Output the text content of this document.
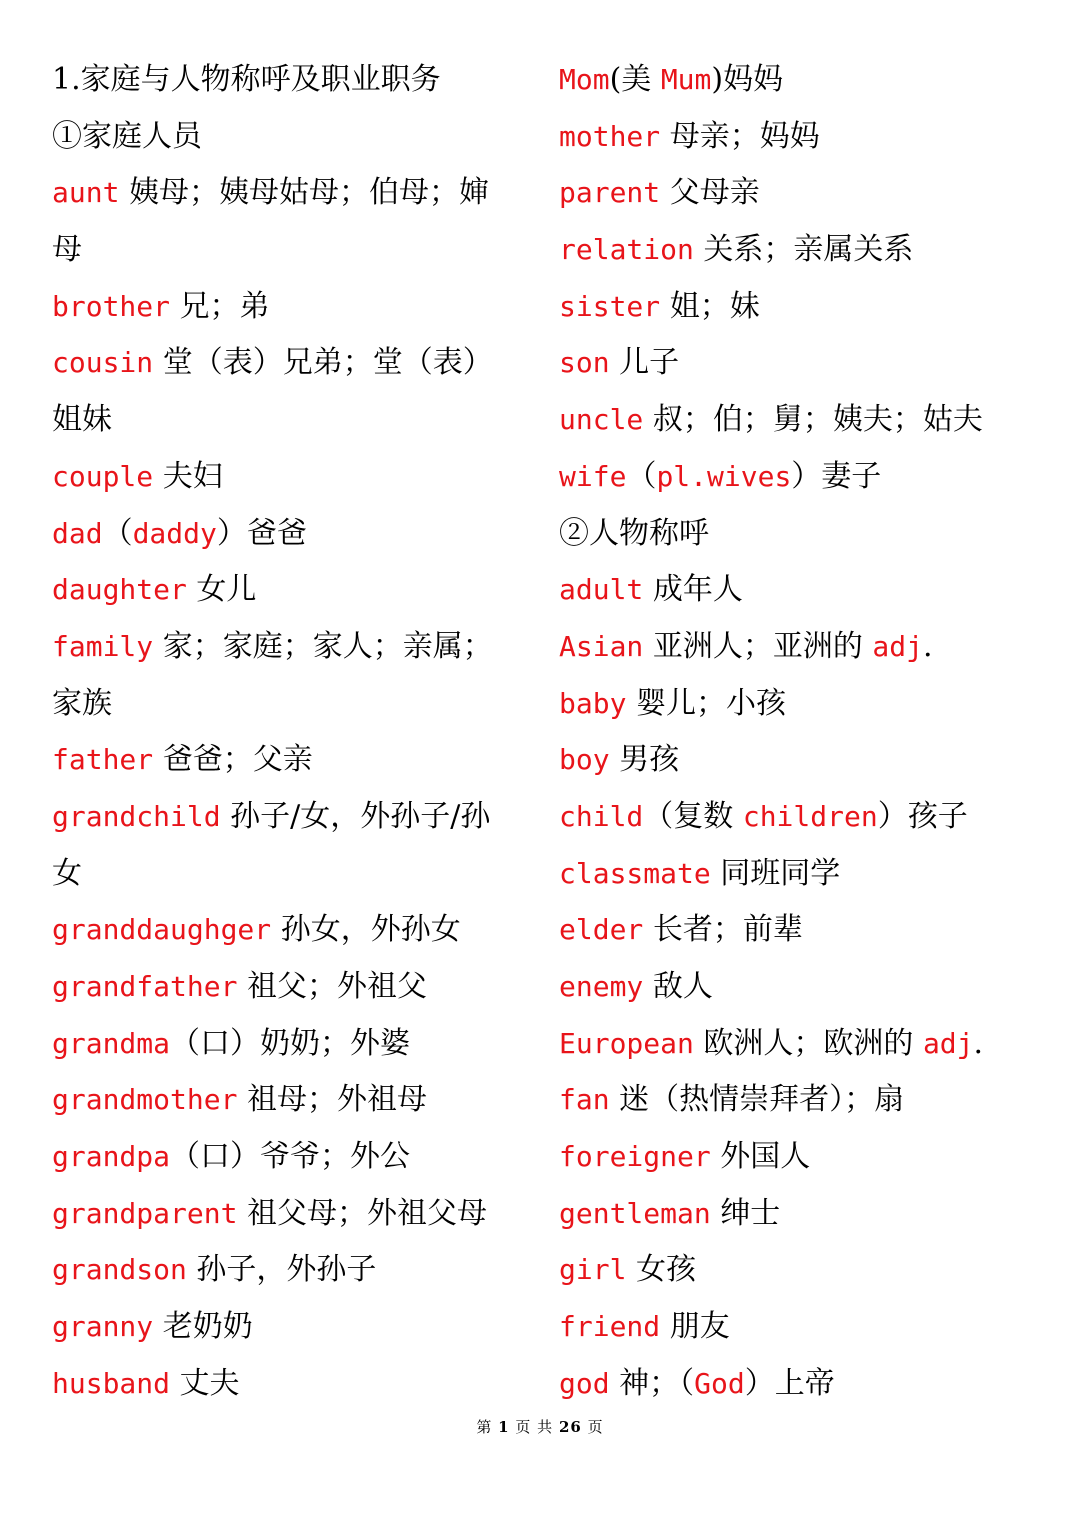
1.家庭与人物称呼及职业职务
①家庭人员
aunt 姨母；姨母姑母；伯母；婶
母
brother 兄；弟
cousin 堂（表）兄弟；堂（表）
姐妹
couple 夫妇
dad（daddy）爸爸
daughter 女儿
family 家；家庭；家人；亲属；
家族
father 爸爸；父亲
grandchild 孙子/女，外孙子/孙
女
granddaughger 孙女，外孙女
grandfather 祖父；外祖父
grandma（口）奶奶；外婆
grandmother 祖母；外祖母
grandpa（口）爷爷；外公
grandparent 祖父母；外祖父母
grandson 孙子，外孙子
granny 老奶奶
husband 丈夫
Mom(美 Mum)妈妈
mother 母亲；妈妈
parent 父母亲
relation 关系；亲属关系
sister 姐；妹
son 儿子
uncle 叔；伯；舅；姨夫；姑夫
wife（pl.wives）妻子
②人物称呼
adult 成年人
Asian 亚洲人；亚洲的 adj.
baby 婴儿；小孩
boy 男孩
child（复数 children）孩子
classmate 同班同学
elder 长者；前辈
enemy 敌人
European 欧洲人；欧洲的 adj.
fan 迷（热情崇拜者）；扇
foreigner 外国人
gentleman 绅士
girl 女孩
friend 朋友
god 神；（God）上帝
第 1 页 共 26 页
